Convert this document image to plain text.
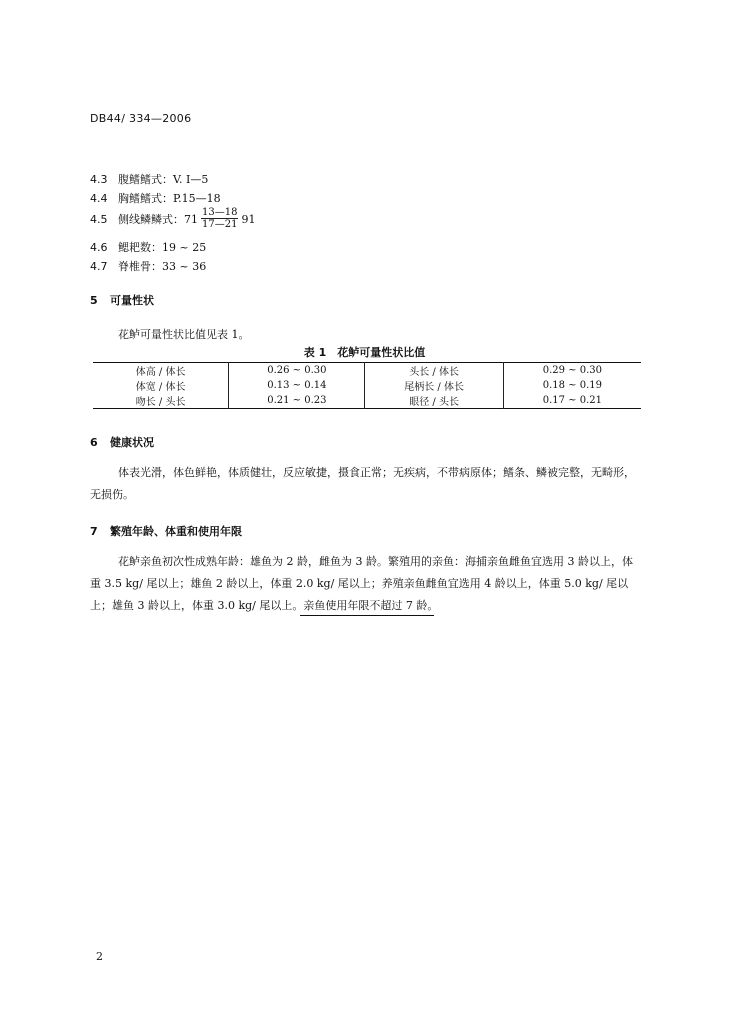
DB44/ 334—2006
4.3 腹鳍鳍式：V. Ⅰ—5
4.4 胸鳍鳍式：P.15—18
4.5 侧线鳞鳞式：$71 \frac{13—18}{17—21} 91$
4.6 鳃耙数：19 ~ 25
4.7 脊椎骨：33 ~ 36
5 可量性状
花鲈可量性状比值见表 1。
表 1　花鲈可量性状比值
体高 / 体长	0.26 ~ 0.30	头长 / 体长	0.29 ~ 0.30
体宽 / 体长	0.13 ~ 0.14	尾柄长 / 体长	0.18 ~ 0.19
吻长 / 头长	0.21 ~ 0.23	眼径 / 头长	0.17 ~ 0.21
6 健康状况
体表光滑，体色鲜艳，体质健壮，反应敏捷，摄食正常；无疾病，不带病原体；鳍条、鳞被完整，无畸形，无损伤。
7 繁殖年龄、体重和使用年限
花鲈亲鱼初次性成熟年龄：雄鱼为 2 龄，雌鱼为 3 龄。繁殖用的亲鱼：海捕亲鱼雌鱼宜选用 3 龄以上，体重 3.5 kg/ 尾以上；雄鱼 2 龄以上，体重 2.0 kg/ 尾以上；养殖亲鱼雌鱼宜选用 4 龄以上，体重 5.0 kg/ 尾以上；雄鱼 3 龄以上，体重 3.0 kg/ 尾以上。亲鱼使用年限不超过 7 龄。
2
